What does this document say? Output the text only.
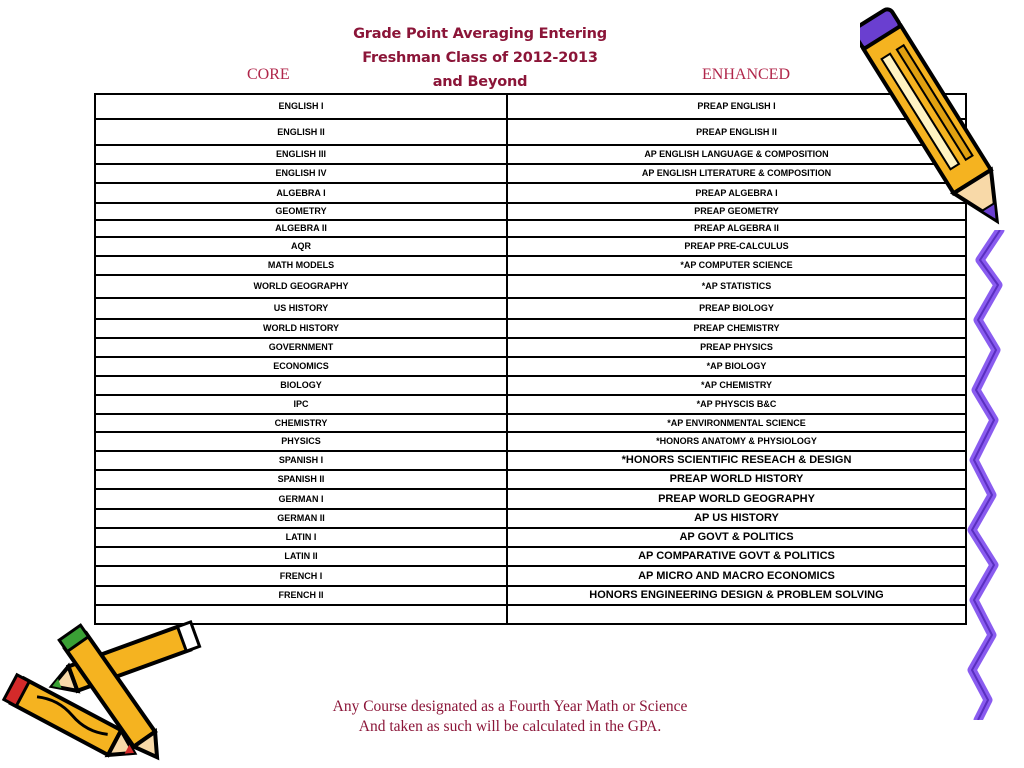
Grade Point Averaging Entering
Freshman Class of 2012-2013
and Beyond
CORE	ENHANCED
ENGLISH I	PREAP ENGLISH I
ENGLISH II	PREAP ENGLISH II
ENGLISH III	AP ENGLISH LANGUAGE & COMPOSITION
ENGLISH IV	AP ENGLISH LITERATURE & COMPOSITION
ALGEBRA I	PREAP ALGEBRA I
GEOMETRY	PREAP GEOMETRY
ALGEBRA II	PREAP ALGEBRA II
AQR	PREAP PRE-CALCULUS
MATH MODELS	*AP COMPUTER SCIENCE
WORLD GEOGRAPHY	*AP STATISTICS
US HISTORY	PREAP BIOLOGY
WORLD HISTORY	PREAP CHEMISTRY
GOVERNMENT	PREAP PHYSICS
ECONOMICS	*AP BIOLOGY
BIOLOGY	*AP CHEMISTRY
IPC	*AP PHYSCIS B&C
CHEMISTRY	*AP ENVIRONMENTAL SCIENCE
PHYSICS	*HONORS ANATOMY & PHYSIOLOGY
SPANISH I	*HONORS SCIENTIFIC RESEACH & DESIGN
SPANISH II	PREAP WORLD HISTORY
GERMAN I	PREAP WORLD GEOGRAPHY
GERMAN II	AP US HISTORY
LATIN I	AP GOVT & POLITICS
LATIN II	AP COMPARATIVE GOVT & POLITICS
FRENCH I	AP MICRO AND MACRO ECONOMICS
FRENCH II	HONORS ENGINEERING DESIGN & PROBLEM SOLVING

Any Course designated as a Fourth Year Math or Science
And taken as such will be calculated in the GPA.
